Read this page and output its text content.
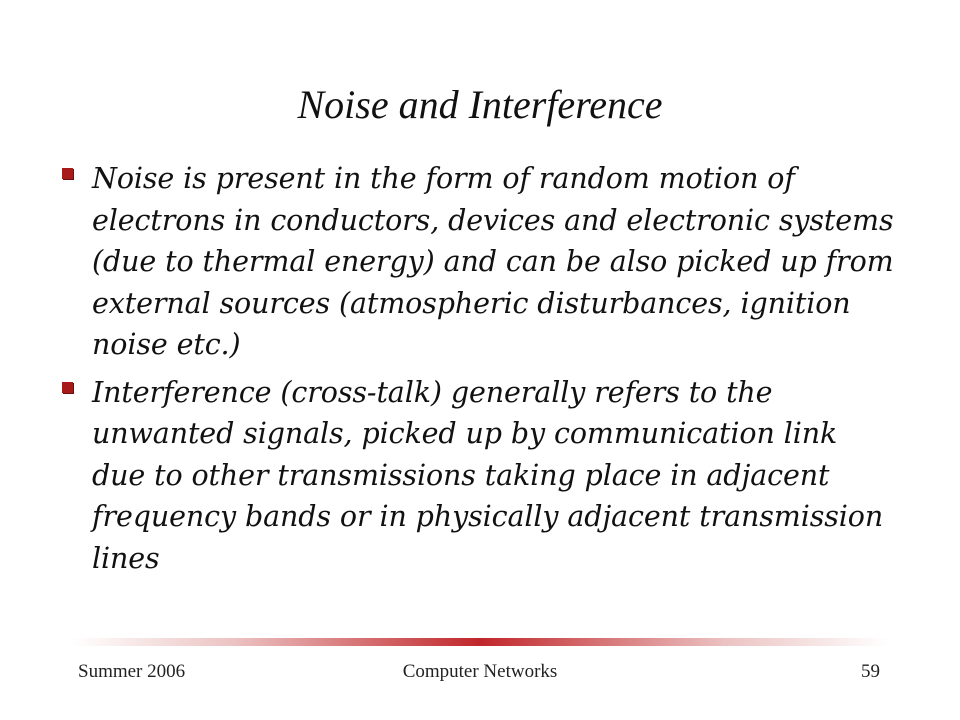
Noise and Interference
Noise is present in the form of random motion of electrons in conductors, devices and electronic systems (due to thermal energy) and can be also picked up from external sources (atmospheric disturbances, ignition noise etc.)
Interference (cross-talk) generally refers to the unwanted signals, picked up by communication link due to other transmissions taking place in adjacent frequency bands or in physically adjacent transmission lines
Summer 2006	Computer Networks	59
